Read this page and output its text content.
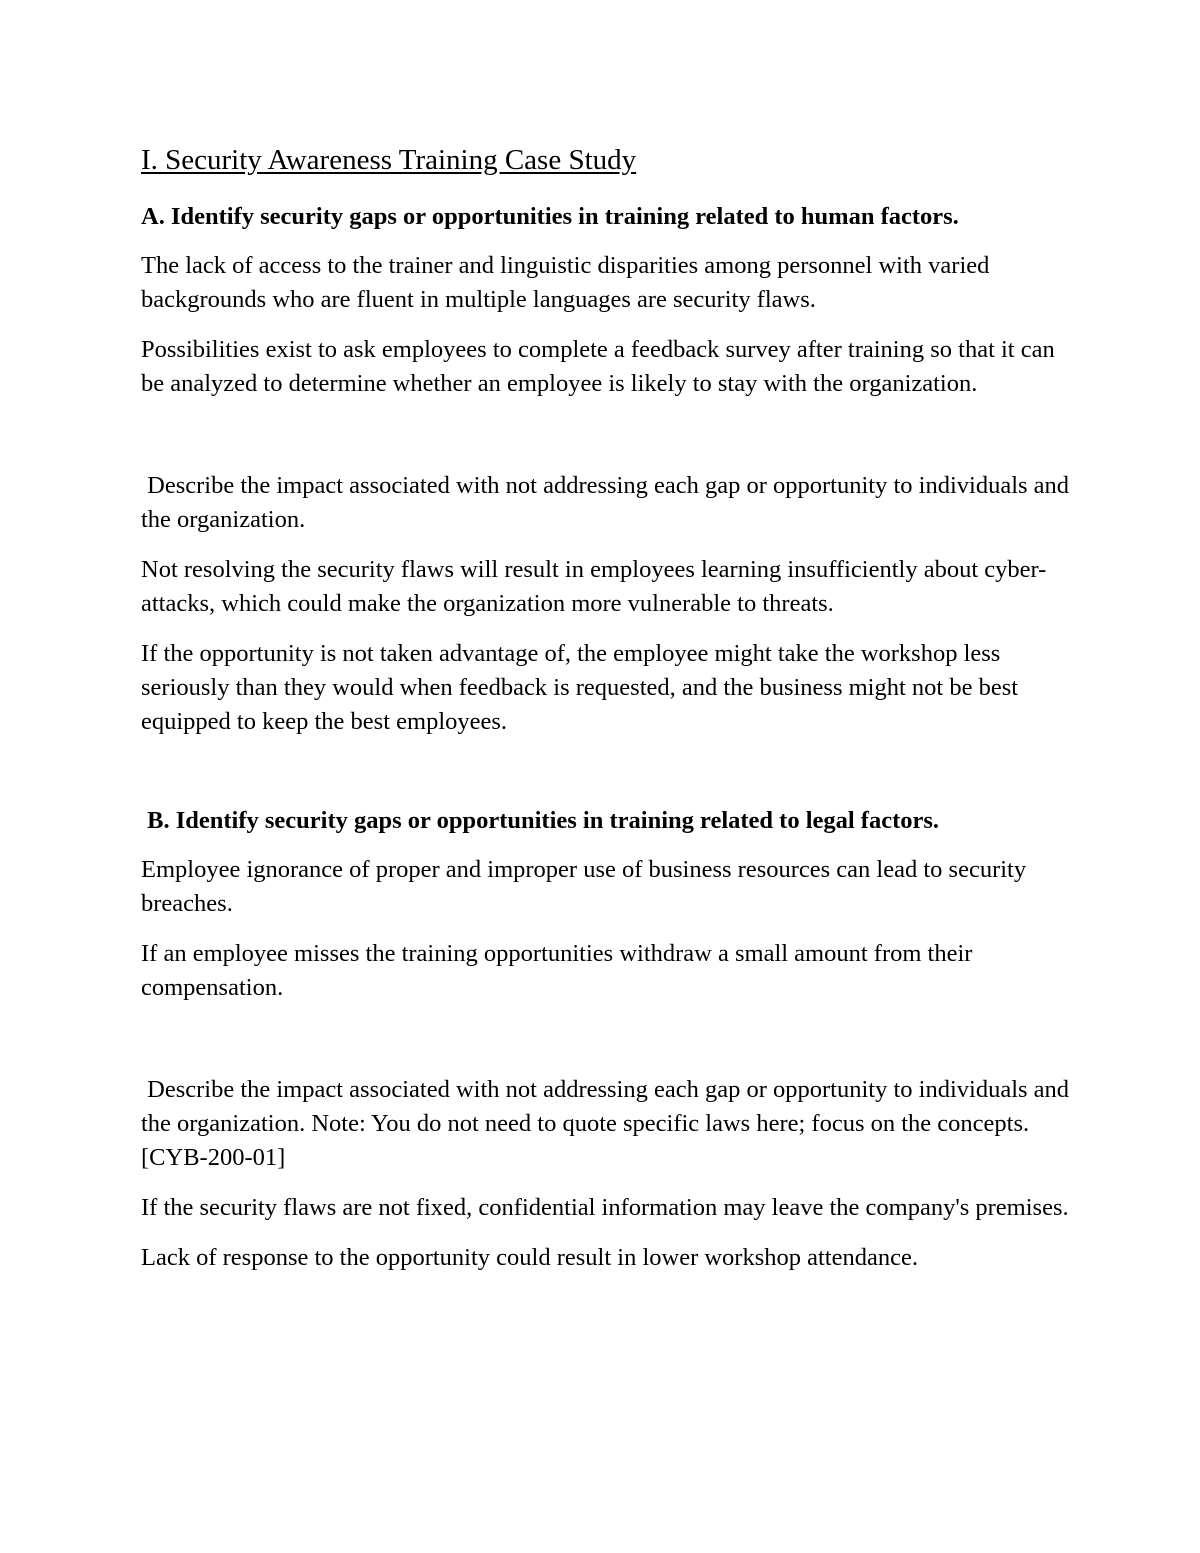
I. Security Awareness Training Case Study
A. Identify security gaps or opportunities in training related to human factors.

The lack of access to the trainer and linguistic disparities among personnel with varied backgrounds who are fluent in multiple languages are security flaws.

Possibilities exist to ask employees to complete a feedback survey after training so that it can be analyzed to determine whether an employee is likely to stay with the organization.

Describe the impact associated with not addressing each gap or opportunity to individuals and the organization.

Not resolving the security flaws will result in employees learning insufficiently about cyber-attacks, which could make the organization more vulnerable to threats.

If the opportunity is not taken advantage of, the employee might take the workshop less seriously than they would when feedback is requested, and the business might not be best equipped to keep the best employees.

B. Identify security gaps or opportunities in training related to legal factors.

Employee ignorance of proper and improper use of business resources can lead to security breaches.

If an employee misses the training opportunities withdraw a small amount from their compensation.

Describe the impact associated with not addressing each gap or opportunity to individuals and the organization. Note: You do not need to quote specific laws here; focus on the concepts. [CYB-200-01]

If the security flaws are not fixed, confidential information may leave the company's premises.

Lack of response to the opportunity could result in lower workshop attendance.
